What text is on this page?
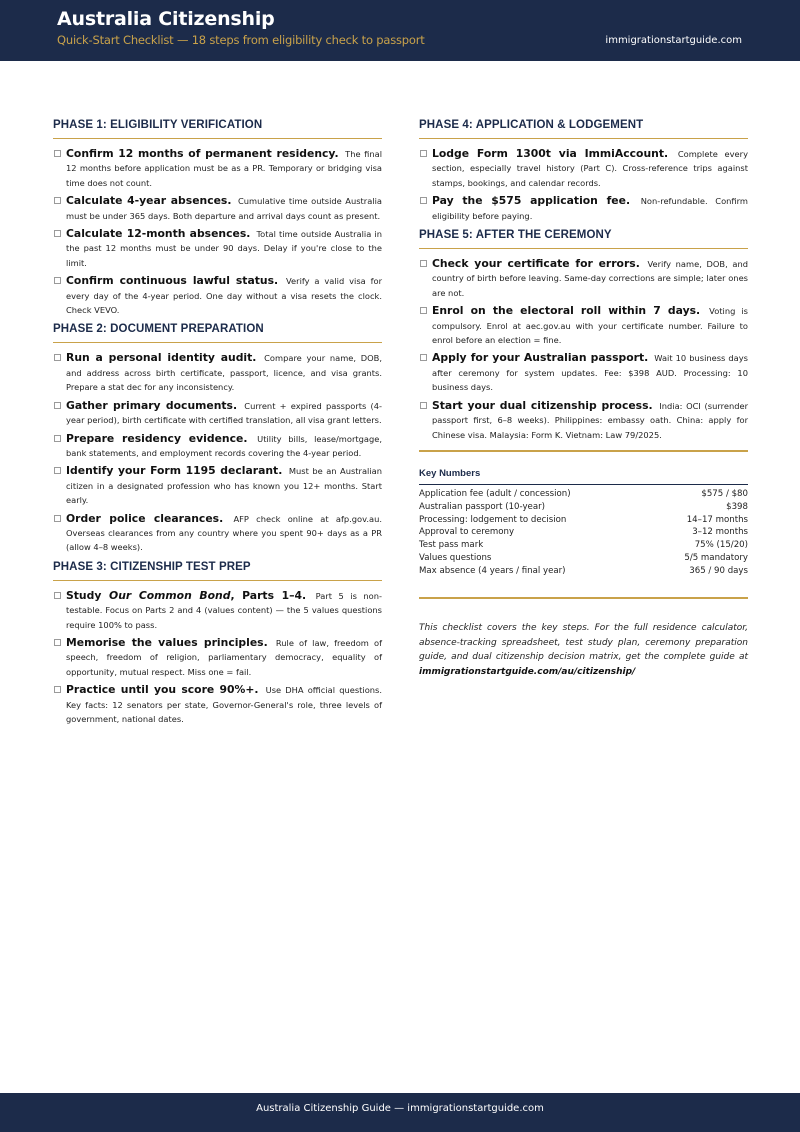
Australia Citizenship
Quick-Start Checklist — 18 steps from eligibility check to passport	immigrationstartguide.com
PHASE 1: ELIGIBILITY VERIFICATION
Confirm 12 months of permanent residency. The final 12 months before application must be as a PR. Temporary or bridging visa time does not count.
Calculate 4-year absences. Cumulative time outside Australia must be under 365 days. Both departure and arrival days count as present.
Calculate 12-month absences. Total time outside Australia in the past 12 months must be under 90 days. Delay if you're close to the limit.
Confirm continuous lawful status. Verify a valid visa for every day of the 4-year period. One day without a visa resets the clock. Check VEVO.
PHASE 2: DOCUMENT PREPARATION
Run a personal identity audit. Compare your name, DOB, and address across birth certificate, passport, licence, and visa grants. Prepare a stat dec for any inconsistency.
Gather primary documents. Current + expired passports (4-year period), birth certificate with certified translation, all visa grant letters.
Prepare residency evidence. Utility bills, lease/mortgage, bank statements, and employment records covering the 4-year period.
Identify your Form 1195 declarant. Must be an Australian citizen in a designated profession who has known you 12+ months. Start early.
Order police clearances. AFP check online at afp.gov.au. Overseas clearances from any country where you spent 90+ days as a PR (allow 4–8 weeks).
PHASE 3: CITIZENSHIP TEST PREP
Study Our Common Bond, Parts 1–4. Part 5 is non-testable. Focus on Parts 2 and 4 (values content) — the 5 values questions require 100% to pass.
Memorise the values principles. Rule of law, freedom of speech, freedom of religion, parliamentary democracy, equality of opportunity, mutual respect. Miss one = fail.
Practice until you score 90%+. Use DHA official questions. Key facts: 12 senators per state, Governor-General's role, three levels of government, national dates.
PHASE 4: APPLICATION & LODGEMENT
Lodge Form 1300t via ImmiAccount. Complete every section, especially travel history (Part C). Cross-reference trips against stamps, bookings, and calendar records.
Pay the $575 application fee. Non-refundable. Confirm eligibility before paying.
PHASE 5: AFTER THE CEREMONY
Check your certificate for errors. Verify name, DOB, and country of birth before leaving. Same-day corrections are simple; later ones are not.
Enrol on the electoral roll within 7 days. Voting is compulsory. Enrol at aec.gov.au with your certificate number. Failure to enrol before an election = fine.
Apply for your Australian passport. Wait 10 business days after ceremony for system updates. Fee: $398 AUD. Processing: 10 business days.
Start your dual citizenship process. India: OCI (surrender passport first, 6–8 weeks). Philippines: embassy oath. China: apply for Chinese visa. Malaysia: Form K. Vietnam: Law 79/2025.
Key Numbers
Application fee (adult / concession)	$575 / $80
Australian passport (10-year)	$398
Processing: lodgement to decision	14–17 months
Approval to ceremony	3–12 months
Test pass mark	75% (15/20)
Values questions	5/5 mandatory
Max absence (4 years / final year)	365 / 90 days
This checklist covers the key steps. For the full residence calculator, absence-tracking spreadsheet, test study plan, ceremony preparation guide, and dual citizenship decision matrix, get the complete guide at immigrationstartguide.com/au/citizenship/
Australia Citizenship Guide — immigrationstartguide.com
